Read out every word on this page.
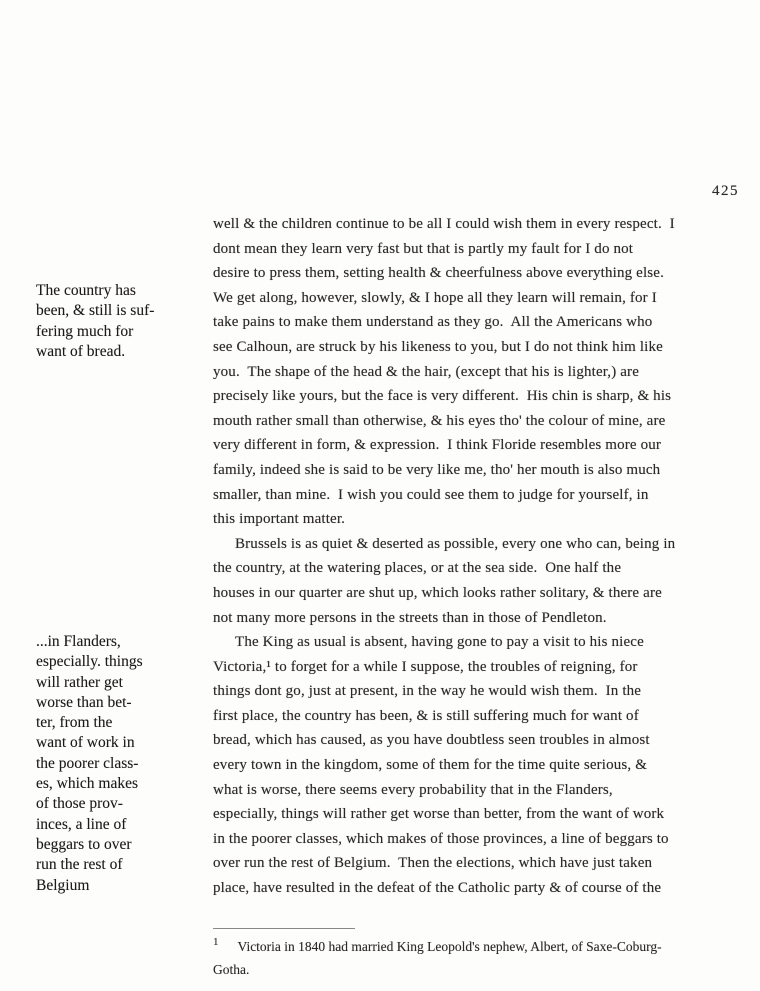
425
The country has
been, & still is suf-
fering much for
want of bread.
...in Flanders,
especially. things
will rather get
worse than bet-
ter, from the
want of work in
the poorer class-
es, which makes
of those prov-
inces, a line of
beggars to over
run the rest of
Belgium
well & the children continue to be all I could wish them in every respect.  I
dont mean they learn very fast but that is partly my fault for I do not
desire to press them, setting health & cheerfulness above everything else.
We get along, however, slowly, & I hope all they learn will remain, for I
take pains to make them understand as they go.  All the Americans who
see Calhoun, are struck by his likeness to you, but I do not think him like
you.  The shape of the head & the hair, (except that his is lighter,) are
precisely like yours, but the face is very different.  His chin is sharp, & his
mouth rather small than otherwise, & his eyes tho' the colour of mine, are
very different in form, & expression.  I think Floride resembles more our
family, indeed she is said to be very like me, tho' her mouth is also much
smaller, than mine.  I wish you could see them to judge for yourself, in
this important matter.
Brussels is as quiet & deserted as possible, every one who can, being in
the country, at the watering places, or at the sea side.  One half the
houses in our quarter are shut up, which looks rather solitary, & there are
not many more persons in the streets than in those of Pendleton.
The King as usual is absent, having gone to pay a visit to his niece
Victoria,¹ to forget for a while I suppose, the troubles of reigning, for
things dont go, just at present, in the way he would wish them.  In the
first place, the country has been, & is still suffering much for want of
bread, which has caused, as you have doubtless seen troubles in almost
every town in the kingdom, some of them for the time quite serious, &
what is worse, there seems every probability that in the Flanders,
especially, things will rather get worse than better, from the want of work
in the poorer classes, which makes of those provinces, a line of beggars to
over run the rest of Belgium.  Then the elections, which have just taken
place, have resulted in the defeat of the Catholic party & of course of the
$^1$ Victoria in 1840 had married King Leopold's nephew, Albert, of Saxe-Coburg-
Gotha.
